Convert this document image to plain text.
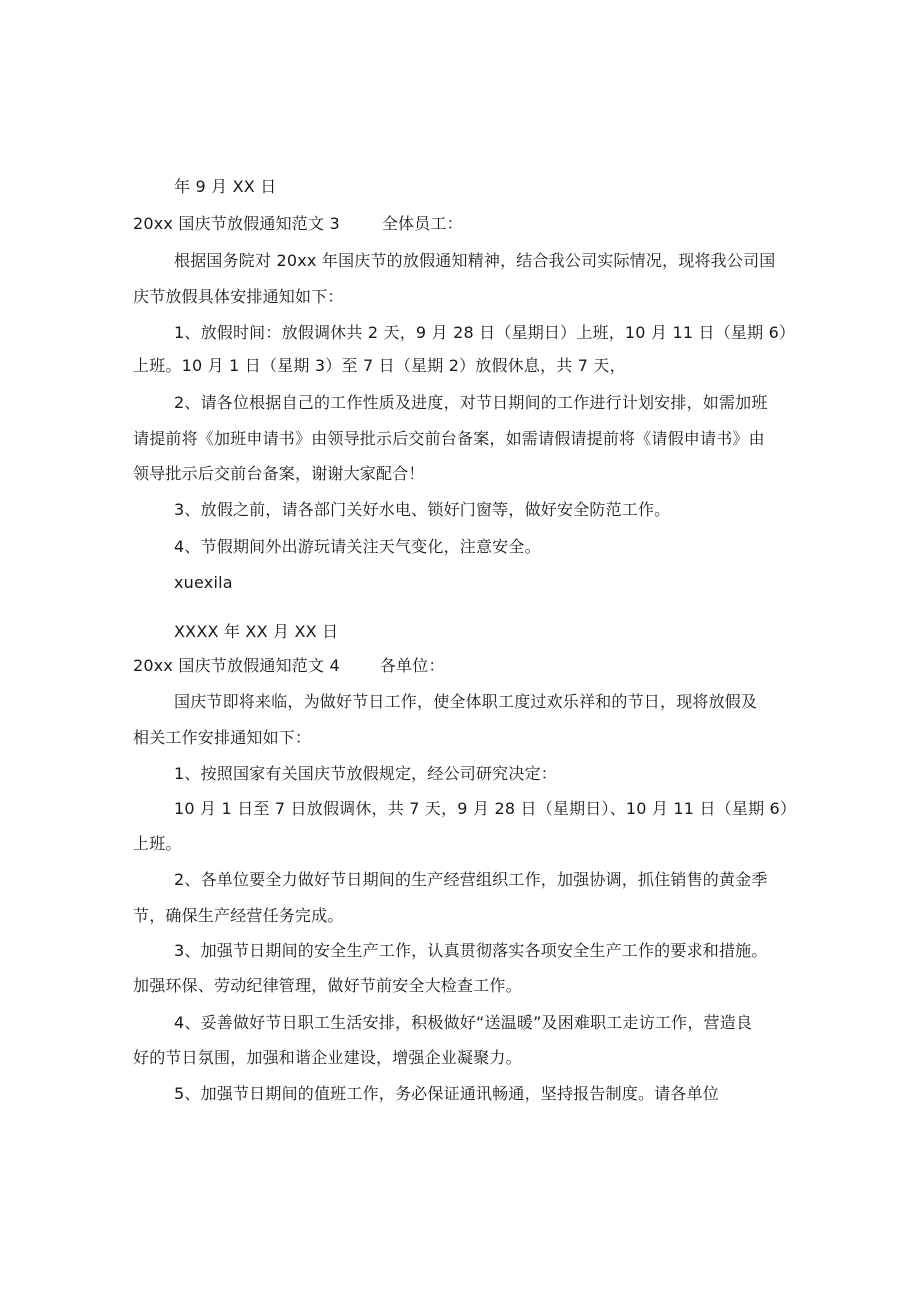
年 9 月 XX 日
20xx 国庆节放假通知范文 3	全体员工：
根据国务院对 20xx 年国庆节的放假通知精神，结合我公司实际情况，现将我公司国
庆节放假具体安排通知如下：
1、放假时间：放假调休共 2 天，9 月 28 日（星期日）上班，10 月 11 日（星期 6）
上班。10 月 1 日（星期 3）至 7 日（星期 2）放假休息，共 7 天，
2、请各位根据自己的工作性质及进度，对节日期间的工作进行计划安排，如需加班
请提前将《加班申请书》由领导批示后交前台备案，如需请假请提前将《请假申请书》由
领导批示后交前台备案，谢谢大家配合！
3、放假之前，请各部门关好水电、锁好门窗等，做好安全防范工作。
4、节假期间外出游玩请关注天气变化，注意安全。
xuexila
XXXX 年 XX 月 XX 日
20xx 国庆节放假通知范文 4	各单位：
国庆节即将来临，为做好节日工作，使全体职工度过欢乐祥和的节日，现将放假及
相关工作安排通知如下：
1、按照国家有关国庆节放假规定，经公司研究决定：
10 月 1 日至 7 日放假调休，共 7 天，9 月 28 日（星期日）、10 月 11 日（星期 6）
上班。
2、各单位要全力做好节日期间的生产经营组织工作，加强协调，抓住销售的黄金季
节，确保生产经营任务完成。
3、加强节日期间的安全生产工作，认真贯彻落实各项安全生产工作的要求和措施。
加强环保、劳动纪律管理，做好节前安全大检查工作。
4、妥善做好节日职工生活安排，积极做好“送温暖”及困难职工走访工作，营造良
好的节日氛围，加强和谐企业建设，增强企业凝聚力。
5、加强节日期间的值班工作，务必保证通讯畅通，坚持报告制度。请各单位
